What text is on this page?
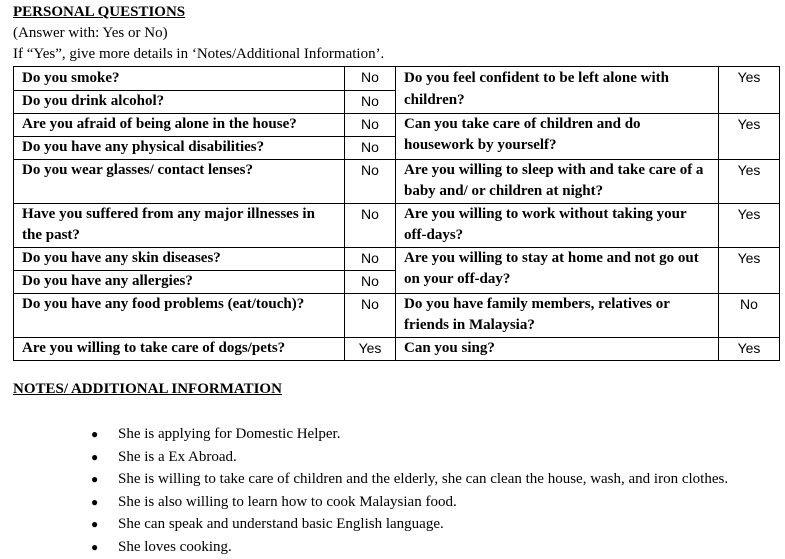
PERSONAL QUESTIONS
(Answer with: Yes or No)
If “Yes”, give more details in ‘Notes/Additional Information’.
Do you smoke?	No	Do you feel confident to be left alone with children?	Yes
Do you drink alcohol?	No		
Are you afraid of being alone in the house?	No	Can you take care of children and do housework by yourself?	Yes
Do you have any physical disabilities?	No		
Do you wear glasses/ contact lenses?	No	Are you willing to sleep with and take care of a baby and/ or children at night?	Yes
Have you suffered from any major illnesses in the past?	No	Are you willing to work without taking your off-days?	Yes
Do you have any skin diseases?	No	Are you willing to stay at home and not go out on your off-day?	Yes
Do you have any allergies?	No		
Do you have any food problems (eat/touch)?	No	Do you have family members, relatives or friends in Malaysia?	No
Are you willing to take care of dogs/pets?	Yes	Can you sing?	Yes
NOTES/ ADDITIONAL INFORMATION
● She is applying for Domestic Helper.
● She is a Ex Abroad.
● She is willing to take care of children and the elderly, she can clean the house, wash, and iron clothes.
● She is also willing to learn how to cook Malaysian food.
● She can speak and understand basic English language.
● She loves cooking.
